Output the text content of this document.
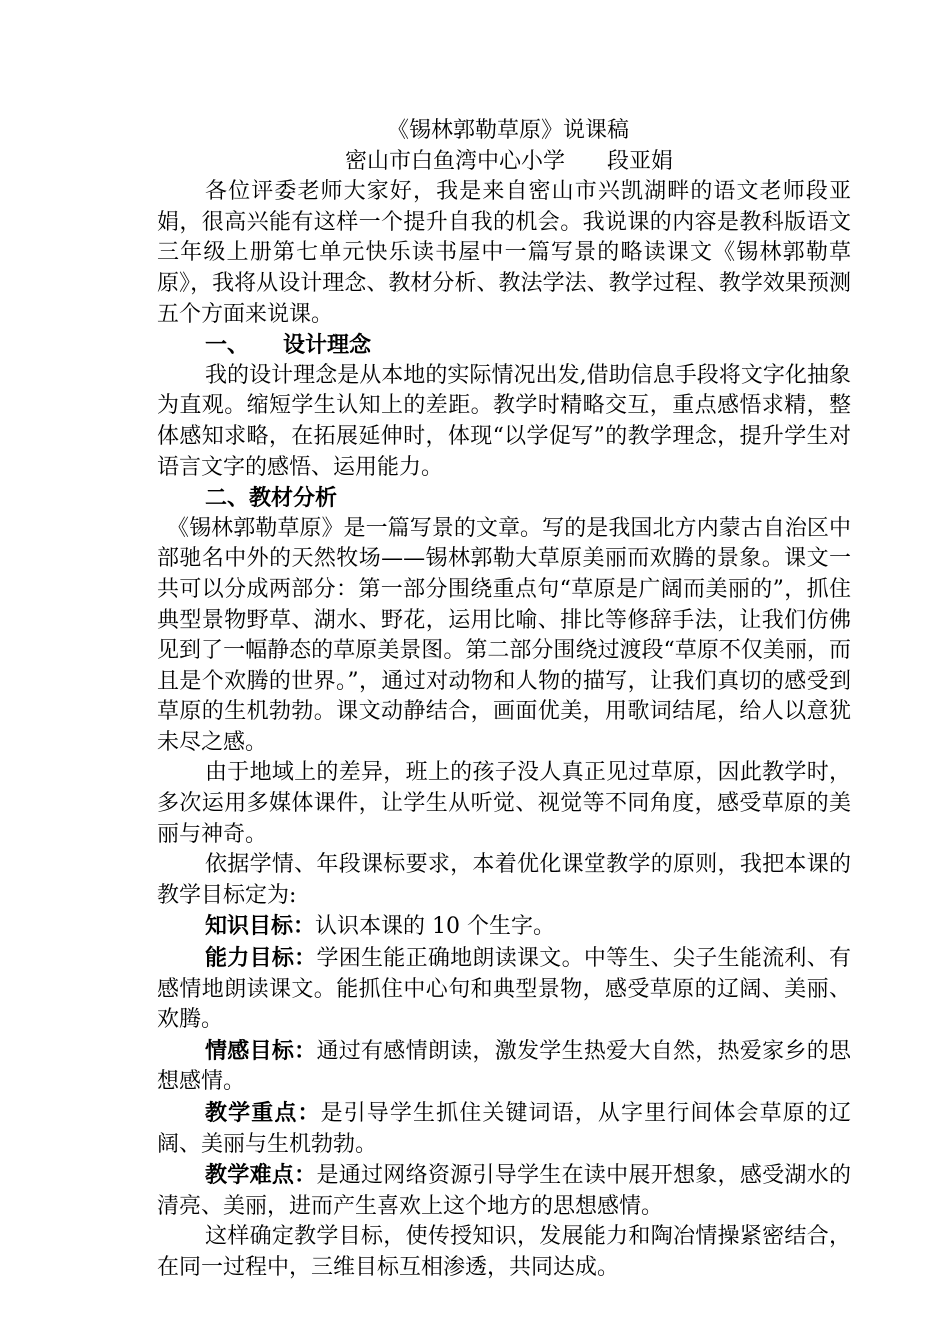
《锡林郭勒草原》说课稿

密山市白鱼湾中心小学      段亚娟

各位评委老师大家好，我是来自密山市兴凯湖畔的语文老师段亚娟，很高兴能有这样一个提升自我的机会。我说课的内容是教科版语文三年级上册第七单元快乐读书屋中一篇写景的略读课文《锡林郭勒草原》，我将从设计理念、教材分析、教法学法、教学过程、教学效果预测五个方面来说课。

一、 设计理念

我的设计理念是从本地的实际情况出发,借助信息手段将文字化抽象为直观。缩短学生认知上的差距。教学时精略交互，重点感悟求精，整体感知求略，在拓展延伸时，体现“以学促写”的教学理念，提升学生对语言文字的感悟、运用能力。

二、教材分析

《锡林郭勒草原》是一篇写景的文章。写的是我国北方内蒙古自治区中部驰名中外的天然牧场——锡林郭勒大草原美丽而欢腾的景象。课文一共可以分成两部分：第一部分围绕重点句“草原是广阔而美丽的”，抓住典型景物野草、湖水、野花，运用比喻、排比等修辞手法，让我们仿佛见到了一幅静态的草原美景图。第二部分围绕过渡段“草原不仅美丽，而且是个欢腾的世界。”，通过对动物和人物的描写，让我们真切的感受到草原的生机勃勃。课文动静结合，画面优美，用歌词结尾，给人以意犹未尽之感。

由于地域上的差异，班上的孩子没人真正见过草原，因此教学时，多次运用多媒体课件，让学生从听觉、视觉等不同角度，感受草原的美丽与神奇。

依据学情、年段课标要求，本着优化课堂教学的原则，我把本课的教学目标定为:

知识目标：认识本课的 10 个生字。

能力目标：学困生能正确地朗读课文。中等生、尖子生能流利、有感情地朗读课文。能抓住中心句和典型景物，感受草原的辽阔、美丽、欢腾。

情感目标：通过有感情朗读，激发学生热爱大自然，热爱家乡的思想感情。

教学重点：是引导学生抓住关键词语，从字里行间体会草原的辽阔、美丽与生机勃勃。

教学难点：是通过网络资源引导学生在读中展开想象，感受湖水的清亮、美丽，进而产生喜欢上这个地方的思想感情。

这样确定教学目标，使传授知识，发展能力和陶冶情操紧密结合，在同一过程中，三维目标互相渗透，共同达成。
